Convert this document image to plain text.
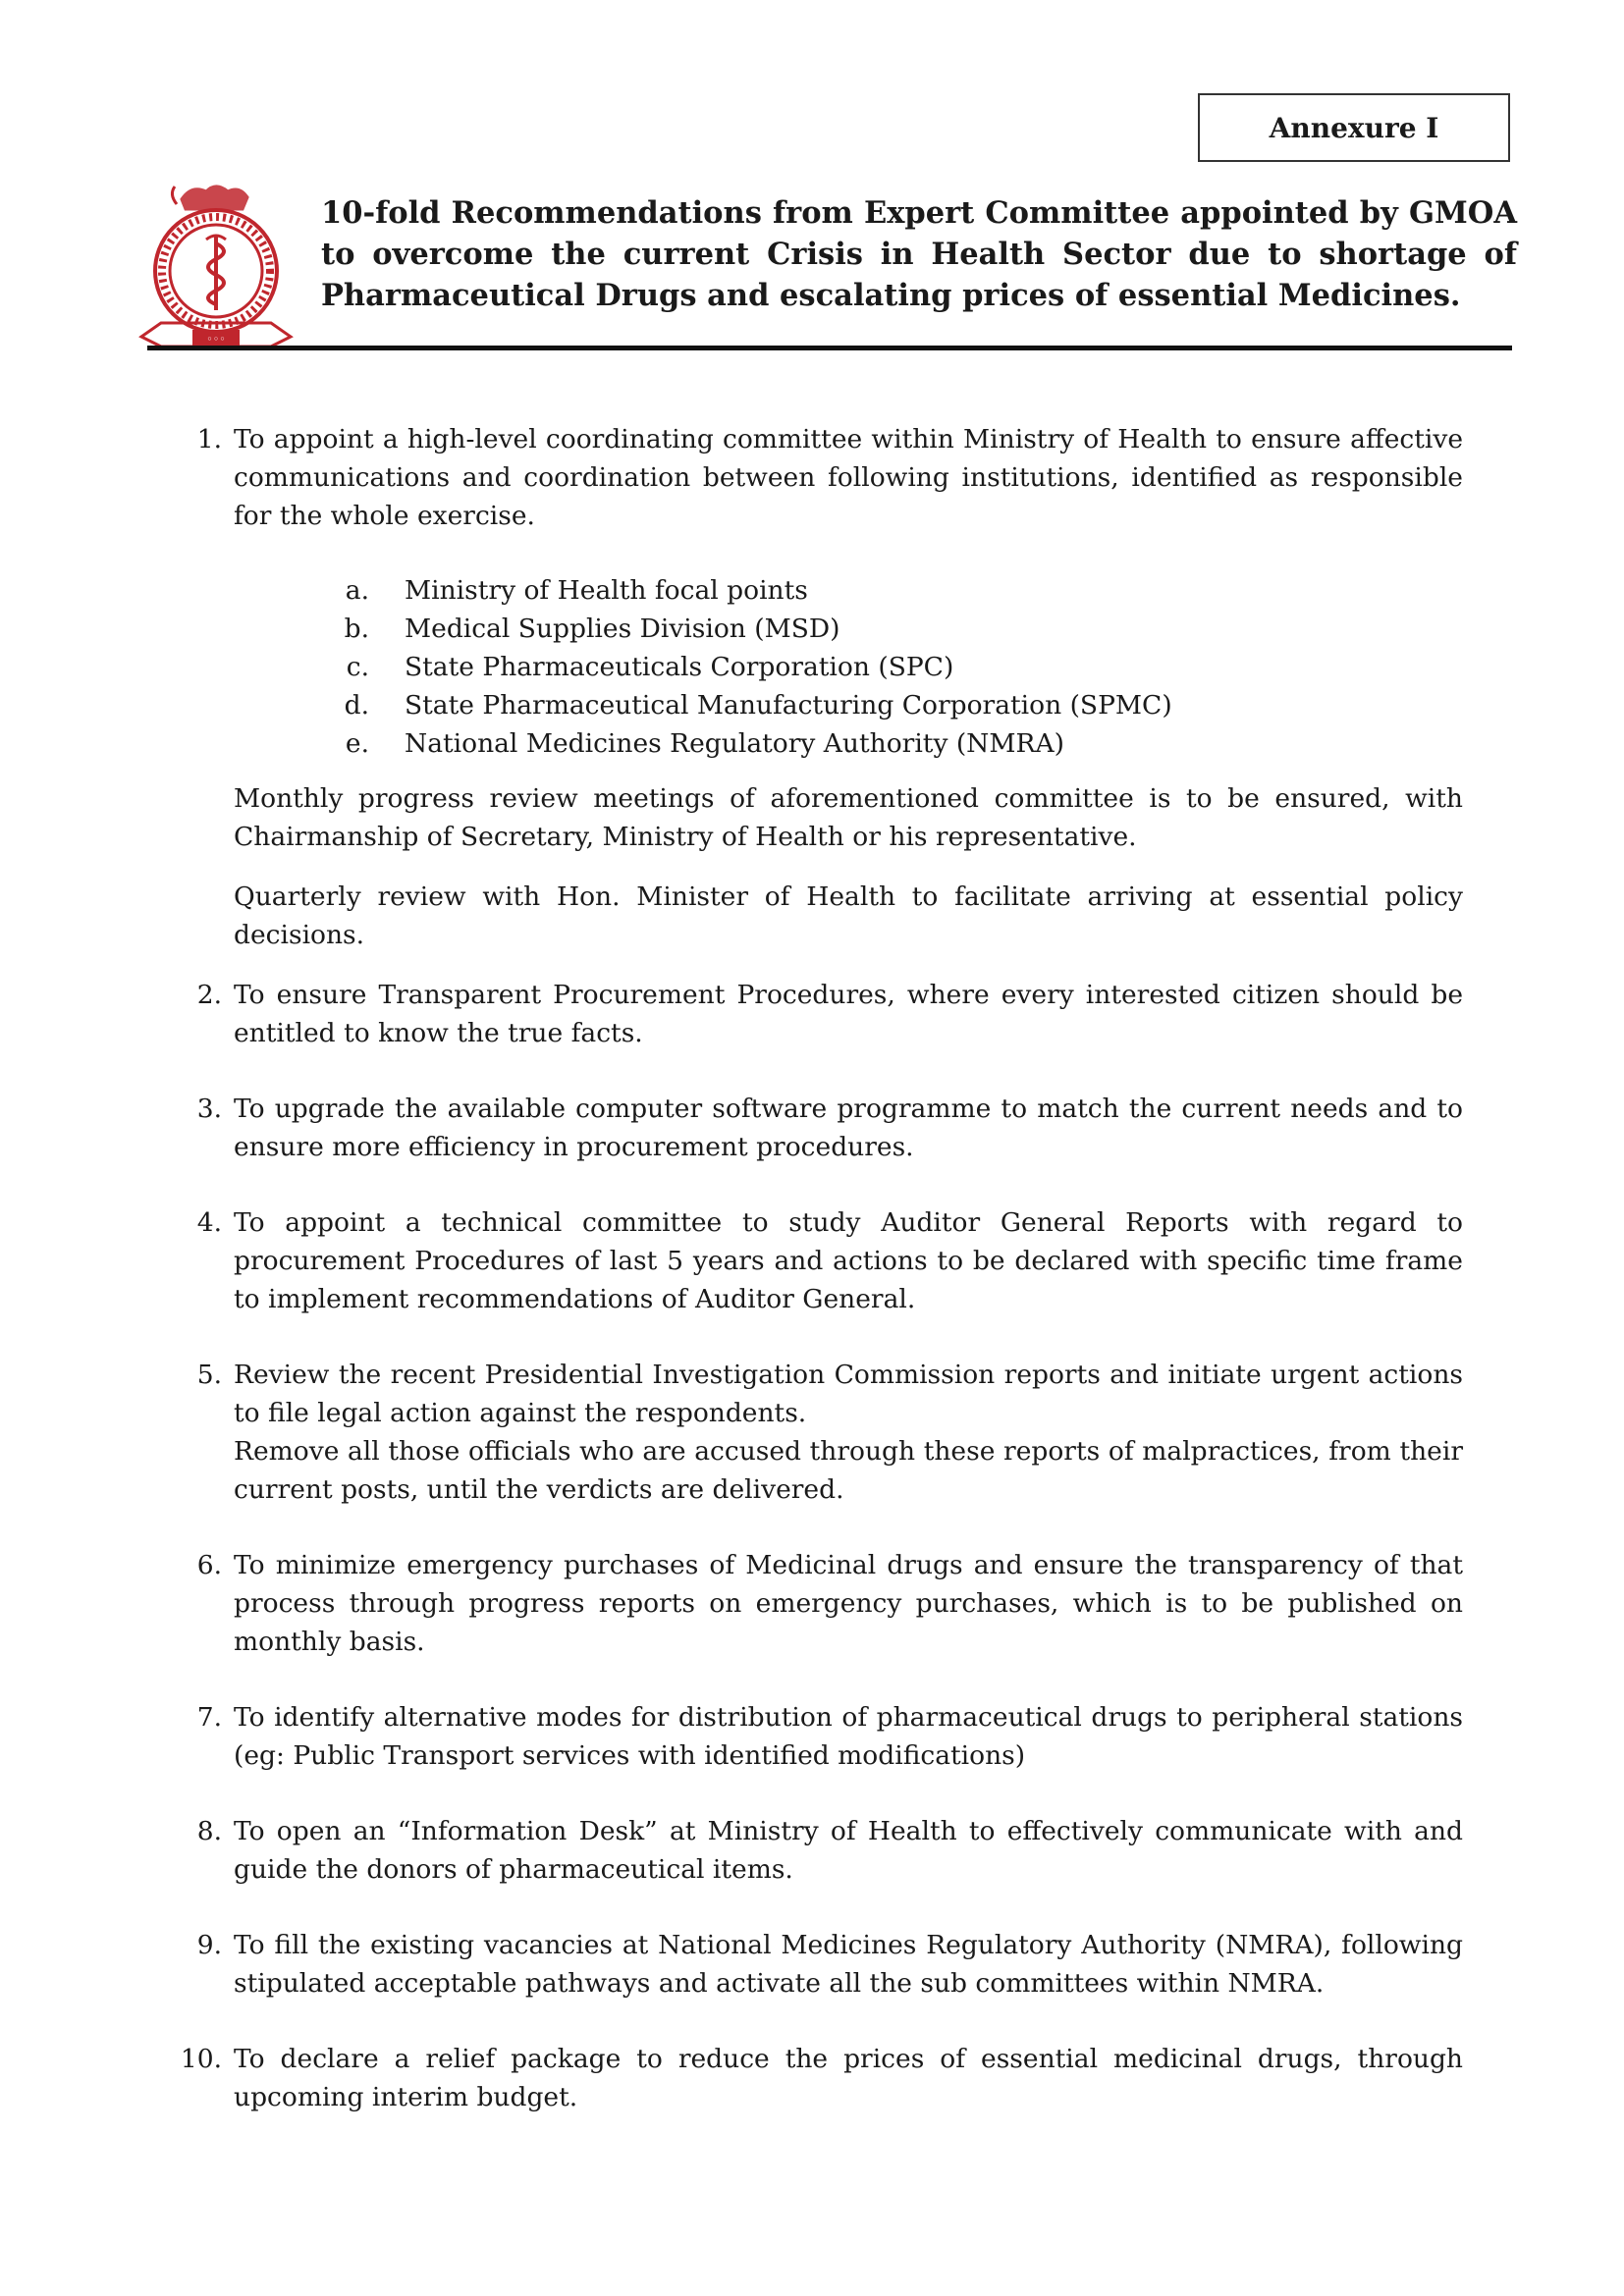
Annexure I
◦◦◦
10-fold Recommendations from Expert Committee appointed by GMOA to overcome the current Crisis in Health Sector due to shortage of Pharmaceutical Drugs and escalating prices of essential Medicines.
1. To appoint a high-level coordinating committee within Ministry of Health to ensure affective communications and coordination between following institutions, identified as responsible for the whole exercise.

a.	Ministry of Health focal points
b.	Medical Supplies Division (MSD)
c.	State Pharmaceuticals Corporation (SPC)
d.	State Pharmaceutical Manufacturing Corporation (SPMC)
e.	National Medicines Regulatory Authority (NMRA)

Monthly progress review meetings of aforementioned committee is to be ensured, with Chairmanship of Secretary, Ministry of Health or his representative.

Quarterly review with Hon. Minister of Health to facilitate arriving at essential policy decisions.

2. To ensure Transparent Procurement Procedures, where every interested citizen should be entitled to know the true facts.

3. To upgrade the available computer software programme to match the current needs and to ensure more efficiency in procurement procedures.

4. To appoint a technical committee to study Auditor General Reports with regard to procurement Procedures of last 5 years and actions to be declared with specific time frame to implement recommendations of Auditor General.

5. Review the recent Presidential Investigation Commission reports and initiate urgent actions to file legal action against the respondents.

Remove all those officials who are accused through these reports of malpractices, from their current posts, until the verdicts are delivered.

6. To minimize emergency purchases of Medicinal drugs and ensure the transparency of that process through progress reports on emergency purchases, which is to be published on monthly basis.

7. To identify alternative modes for distribution of pharmaceutical drugs to peripheral stations (eg: Public Transport services with identified modifications)

8. To open an “Information Desk” at Ministry of Health to effectively communicate with and guide the donors of pharmaceutical items.

9. To fill the existing vacancies at National Medicines Regulatory Authority (NMRA), following stipulated acceptable pathways and activate all the sub committees within NMRA.

10. To declare a relief package to reduce the prices of essential medicinal drugs, through upcoming interim budget.
